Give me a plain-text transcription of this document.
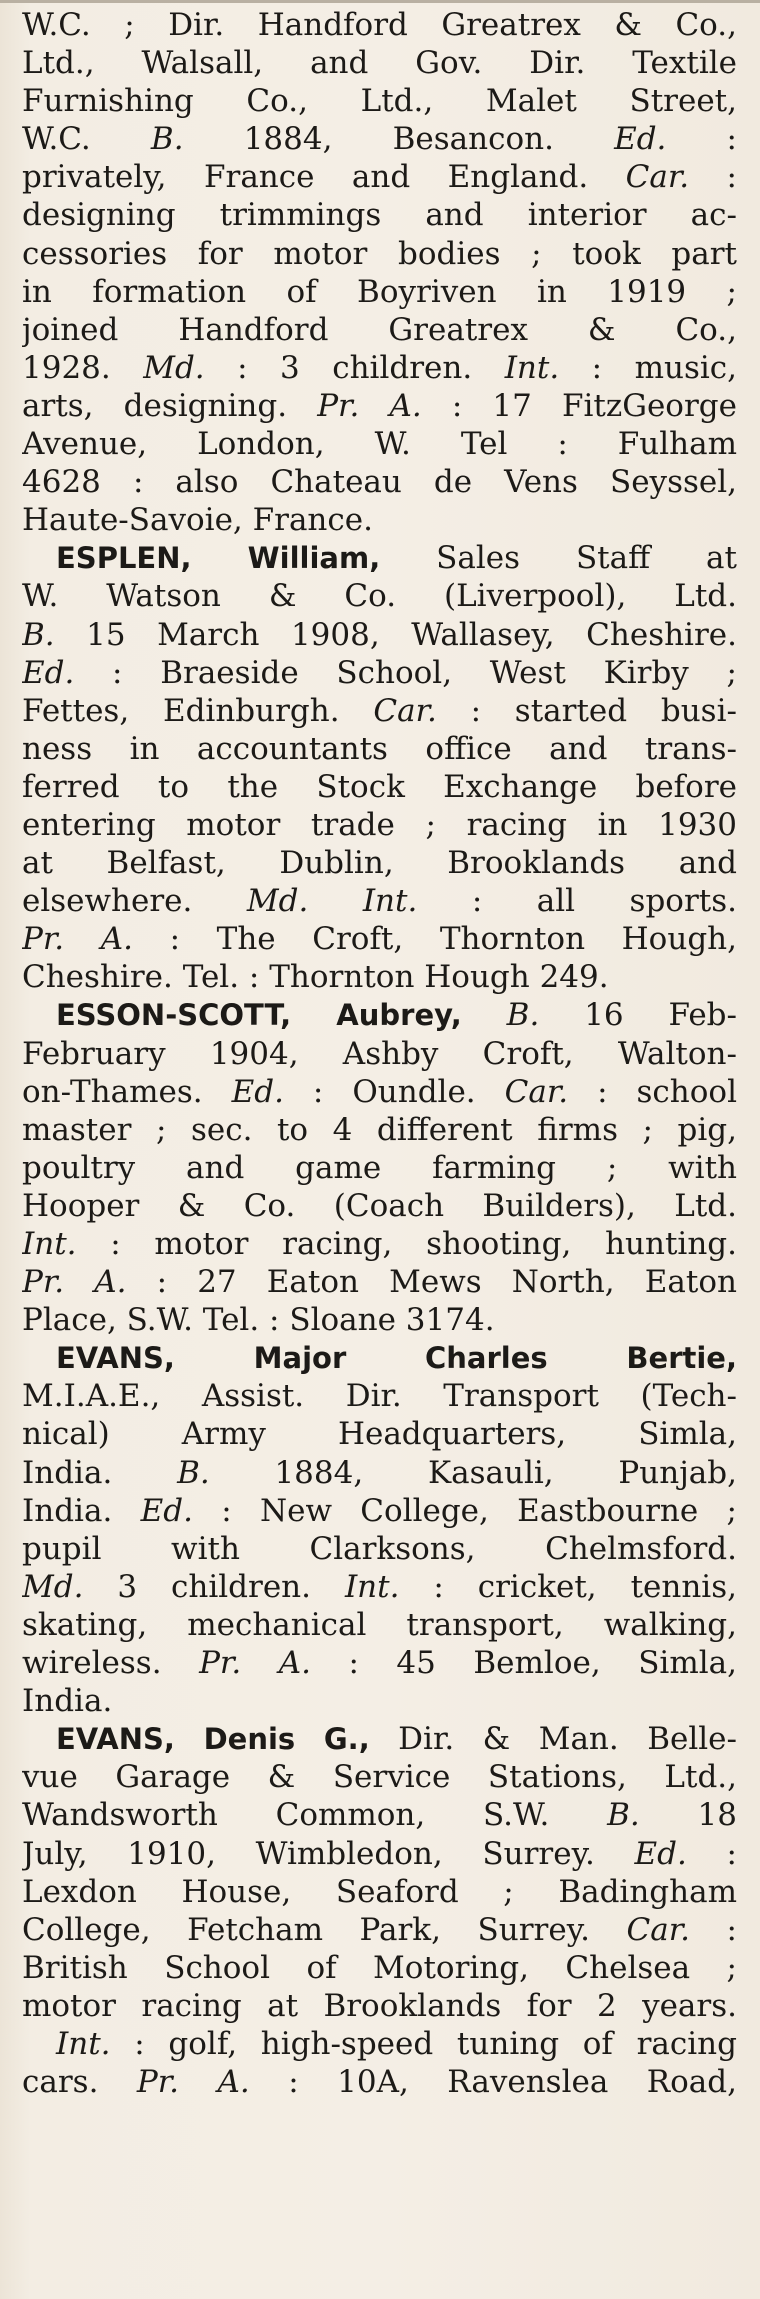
W.C. ; Dir. Handford Greatrex & Co.,
Ltd., Walsall, and Gov. Dir. Textile
Furnishing Co., Ltd., Malet Street,
W.C. B. 1884, Besancon. Ed. :
privately, France and England. Car. :
designing trimmings and interior ac-
cessories for motor bodies ; took part
in formation of Boyriven in 1919 ;
joined Handford Greatrex & Co.,
1928. Md. : 3 children. Int. : music,
arts, designing. Pr. A. : 17 FitzGeorge
Avenue, London, W. Tel : Fulham
4628 : also Chateau de Vens Seyssel,
Haute-Savoie, France.
ESPLEN, William, Sales Staff at
W. Watson & Co. (Liverpool), Ltd.
B. 15 March 1908, Wallasey, Cheshire.
Ed. : Braeside School, West Kirby ;
Fettes, Edinburgh. Car. : started busi-
ness in accountants office and trans-
ferred to the Stock Exchange before
entering motor trade ; racing in 1930
at Belfast, Dublin, Brooklands and
elsewhere. Md. Int. : all sports.
Pr. A. : The Croft, Thornton Hough,
Cheshire. Tel. : Thornton Hough 249.
ESSON-SCOTT, Aubrey, B. 16 Feb-
February 1904, Ashby Croft, Walton-
on-Thames. Ed. : Oundle. Car. : school
master ; sec. to 4 different firms ; pig,
poultry and game farming ; with
Hooper & Co. (Coach Builders), Ltd.
Int. : motor racing, shooting, hunting.
Pr. A. : 27 Eaton Mews North, Eaton
Place, S.W. Tel. : Sloane 3174.
EVANS, Major Charles Bertie,
M.I.A.E., Assist. Dir. Transport (Tech-
nical) Army Headquarters, Simla,
India. B. 1884, Kasauli, Punjab,
India. Ed. : New College, Eastbourne ;
pupil with Clarksons, Chelmsford.
Md. 3 children. Int. : cricket, tennis,
skating, mechanical transport, walking,
wireless. Pr. A. : 45 Bemloe, Simla,
India.
EVANS, Denis G., Dir. & Man. Belle-
vue Garage & Service Stations, Ltd.,
Wandsworth Common, S.W. B. 18
July, 1910, Wimbledon, Surrey. Ed. :
Lexdon House, Seaford ; Badingham
College, Fetcham Park, Surrey. Car. :
British School of Motoring, Chelsea ;
motor racing at Brooklands for 2 years.
Int. : golf, high-speed tuning of racing
cars. Pr. A. : 10A, Ravenslea Road,
